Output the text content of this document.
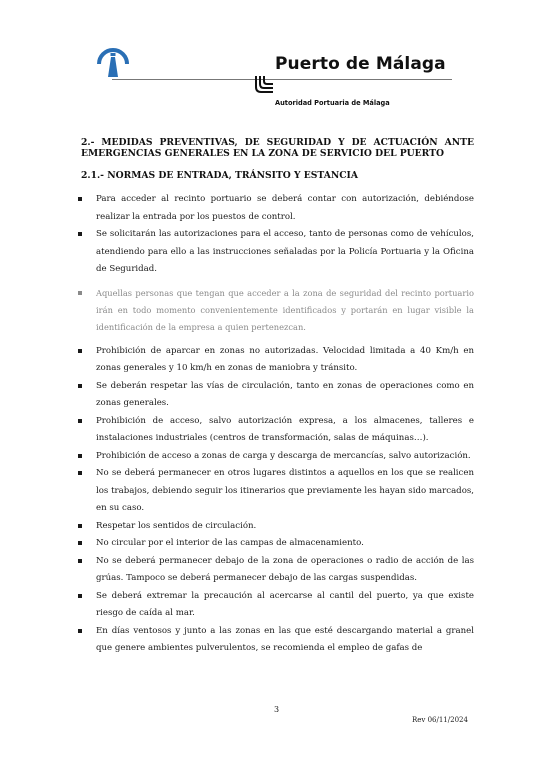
Puerto de Málaga
Autoridad Portuaria de Málaga
2.- MEDIDAS PREVENTIVAS, DE SEGURIDAD Y DE ACTUACIÓN ANTE EMERGENCIAS GENERALES EN LA ZONA DE SERVICIO DEL PUERTO
2.1.- NORMAS DE ENTRADA, TRÁNSITO Y ESTANCIA
Para acceder al recinto portuario se deberá contar con autorización, debiéndose realizar la entrada por los puestos de control.
Se solicitarán las autorizaciones para el acceso, tanto de personas como de vehículos, atendiendo para ello a las instrucciones señaladas por la Policía Portuaria y la Oficina de Seguridad.
Aquellas personas que tengan que acceder a la zona de seguridad del recinto portuario irán en todo momento convenientemente identificados y portarán en lugar visible la identificación de la empresa a quien pertenezcan.
Prohibición de aparcar en zonas no autorizadas. Velocidad limitada a 40 Km/h en zonas generales y 10 km/h en zonas de maniobra y tránsito.
Se deberán respetar las vías de circulación, tanto en zonas de operaciones como en zonas generales.
Prohibición de acceso, salvo autorización expresa, a los almacenes, talleres e instalaciones industriales (centros de transformación, salas de máquinas…).
Prohibición de acceso a zonas de carga y descarga de mercancías, salvo autorización.
No se deberá permanecer en otros lugares distintos a aquellos en los que se realicen los trabajos, debiendo seguir los itinerarios que previamente les hayan sido marcados, en su caso.
Respetar los sentidos de circulación.
No circular por el interior de las campas de almacenamiento.
No se deberá permanecer debajo de la zona de operaciones o radio de acción de las grúas. Tampoco se deberá permanecer debajo de las cargas suspendidas.
Se deberá extremar la precaución al acercarse al cantil del puerto, ya que existe riesgo de caída al mar.
En días ventosos y junto a las zonas en las que esté descargando material a granel que genere ambientes pulverulentos, se recomienda el empleo de gafas de
3
Rev 06/11/2024
